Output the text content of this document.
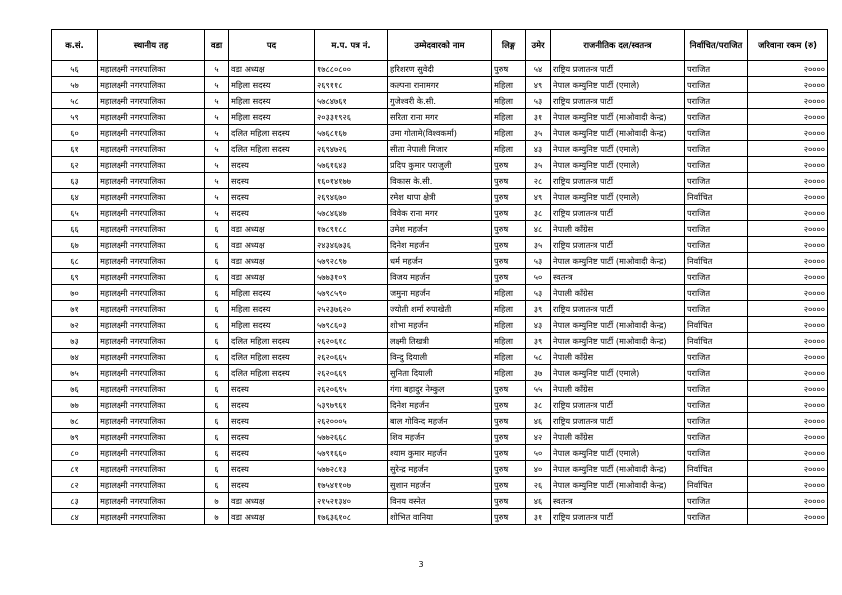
क.सं.	स्थानीय तह	वडा	पद	म.प. पत्र नं.	उम्मेदवारको नाम	लिङ्ग	उमेर	राजनीतिक दल/स्वतन्त्र	निर्वाचित/पराजित	जरिवाना रकम (रु)
५६	महालक्ष्मी नगरपालिका	५	वडा अध्यक्ष	१७८८०८००	हरिशरण सुवेदी	पुरुष	५४	राष्ट्रिय प्रजातन्त्र पार्टी	पराजित	२००००
५७	महालक्ष्मी नगरपालिका	५	महिला सदस्य	२६९११८	कल्पना रानामगर	महिला	४९	नेपाल कम्युनिष्ट पार्टी (एमाले)	पराजित	२००००
५८	महालक्ष्मी नगरपालिका	५	महिला सदस्य	५७८४७६१	गुजेश्वरी के.सी.	महिला	५३	राष्ट्रिय प्रजातन्त्र पार्टी	पराजित	२००००
५९	महालक्ष्मी नगरपालिका	५	महिला सदस्य	२०३३१९२६	सरिता राना मगर	महिला	३१	नेपाल कम्युनिष्ट पार्टी (माओवादी केन्द्र)	पराजित	२००००
६०	महालक्ष्मी नगरपालिका	५	दलित महिला सदस्य	५७६८१६७	उमा गोतामे(विश्वकर्मा)	महिला	३५	नेपाल कम्युनिष्ट पार्टी (माओवादी केन्द्र)	पराजित	२००००
६१	महालक्ष्मी नगरपालिका	५	दलित महिला सदस्य	२६९४७२६	सीता नेपाली मिजार	महिला	४३	नेपाल कम्युनिष्ट पार्टी (एमाले)	पराजित	२००००
६२	महालक्ष्मी नगरपालिका	५	सदस्य	५७६१६४३	प्रदिप कुमार पराजुली	पुरुष	३५	नेपाल कम्युनिष्ट पार्टी (एमाले)	पराजित	२००००
६३	महालक्ष्मी नगरपालिका	५	सदस्य	१६०१४१७७	विकास के.सी.	पुरुष	२८	राष्ट्रिय प्रजातन्त्र पार्टी	पराजित	२००००
६४	महालक्ष्मी नगरपालिका	५	सदस्य	२६९४६७०	रमेश थापा क्षेत्री	पुरुष	४९	नेपाल कम्युनिष्ट पार्टी (एमाले)	निर्वाचित	२००००
६५	महालक्ष्मी नगरपालिका	५	सदस्य	५७८४६४७	विवेक राना मगर	पुरुष	३८	राष्ट्रिय प्रजातन्त्र पार्टी	पराजित	२००००
६६	महालक्ष्मी नगरपालिका	६	वडा अध्यक्ष	१७८९१८८	उमेश महर्जन	पुरुष	४८	नेपाली काँग्रेस	पराजित	२००००
६७	महालक्ष्मी नगरपालिका	६	वडा अध्यक्ष	२४३४६७३६	दिनेश महर्जन	पुरुष	३५	राष्ट्रिय प्रजातन्त्र पार्टी	पराजित	२००००
६८	महालक्ष्मी नगरपालिका	६	वडा अध्यक्ष	५७९२८९७	धर्म महर्जन	पुरुष	५३	नेपाल कम्युनिष्ट पार्टी (माओवादी केन्द्र)	निर्वाचित	२००००
६९	महालक्ष्मी नगरपालिका	६	वडा अध्यक्ष	५७७३१०९	विजय महर्जन	पुरुष	५०	स्वतन्त्र	पराजित	२००००
७०	महालक्ष्मी नगरपालिका	६	महिला सदस्य	५७९८५९०	जमुना महर्जन	महिला	५३	नेपाली काँग्रेस	पराजित	२००००
७१	महालक्ष्मी नगरपालिका	६	महिला सदस्य	२५२३७६२०	ज्योती शर्मा रुपाखेती	महिला	३९	राष्ट्रिय प्रजातन्त्र पार्टी	पराजित	२००००
७२	महालक्ष्मी नगरपालिका	६	महिला सदस्य	५७९८६०३	शोभा महर्जन	महिला	४३	नेपाल कम्युनिष्ट पार्टी (माओवादी केन्द्र)	निर्वाचित	२००००
७३	महालक्ष्मी नगरपालिका	६	दलित महिला सदस्य	२६२०६१८	लक्ष्मी तिखत्री	महिला	३९	नेपाल कम्युनिष्ट पार्टी (माओवादी केन्द्र)	निर्वाचित	२००००
७४	महालक्ष्मी नगरपालिका	६	दलित महिला सदस्य	२६२०६६५	विन्दु दियाली	महिला	५८	नेपाली काँग्रेस	पराजित	२००००
७५	महालक्ष्मी नगरपालिका	६	दलित महिला सदस्य	२६२०६६९	सुनिता दियाली	महिला	३७	नेपाल कम्युनिष्ट पार्टी (एमाले)	पराजित	२००००
७६	महालक्ष्मी नगरपालिका	६	सदस्य	२६२०६९५	गंगा बहादुर नेम्कुल	पुरुष	५५	नेपाली काँग्रेस	पराजित	२००००
७७	महालक्ष्मी नगरपालिका	६	सदस्य	५३९७९६१	दिनेश महर्जन	पुरुष	३८	राष्ट्रिय प्रजातन्त्र पार्टी	पराजित	२००००
७८	महालक्ष्मी नगरपालिका	६	सदस्य	२६२०००५	बाल गोविन्द महर्जन	पुरुष	४६	राष्ट्रिय प्रजातन्त्र पार्टी	पराजित	२००००
७९	महालक्ष्मी नगरपालिका	६	सदस्य	५७७२६६८	शिव महर्जन	पुरुष	४२	नेपाली काँग्रेस	पराजित	२००००
८०	महालक्ष्मी नगरपालिका	६	सदस्य	५७९१६६०	श्याम कुमार महर्जन	पुरुष	५०	नेपाल कम्युनिष्ट पार्टी (एमाले)	पराजित	२००००
८१	महालक्ष्मी नगरपालिका	६	सदस्य	५७७२८१३	सुरेन्द्र महर्जन	पुरुष	४०	नेपाल कम्युनिष्ट पार्टी (माओवादी केन्द्र)	निर्वाचित	२००००
८२	महालक्ष्मी नगरपालिका	६	सदस्य	१७५४११०७	सुशान महर्जन	पुरुष	२६	नेपाल कम्युनिष्ट पार्टी (माओवादी केन्द्र)	निर्वाचित	२००००
८३	महालक्ष्मी नगरपालिका	७	वडा अध्यक्ष	२१५२१३४०	विनय वस्नेत	पुरुष	४६	स्वतन्त्र	पराजित	२००००
८४	महालक्ष्मी नगरपालिका	७	वडा अध्यक्ष	१७६३६१०८	शोभित वानिया	पुरुष	३१	राष्ट्रिय प्रजातन्त्र पार्टी	पराजित	२००००
3
